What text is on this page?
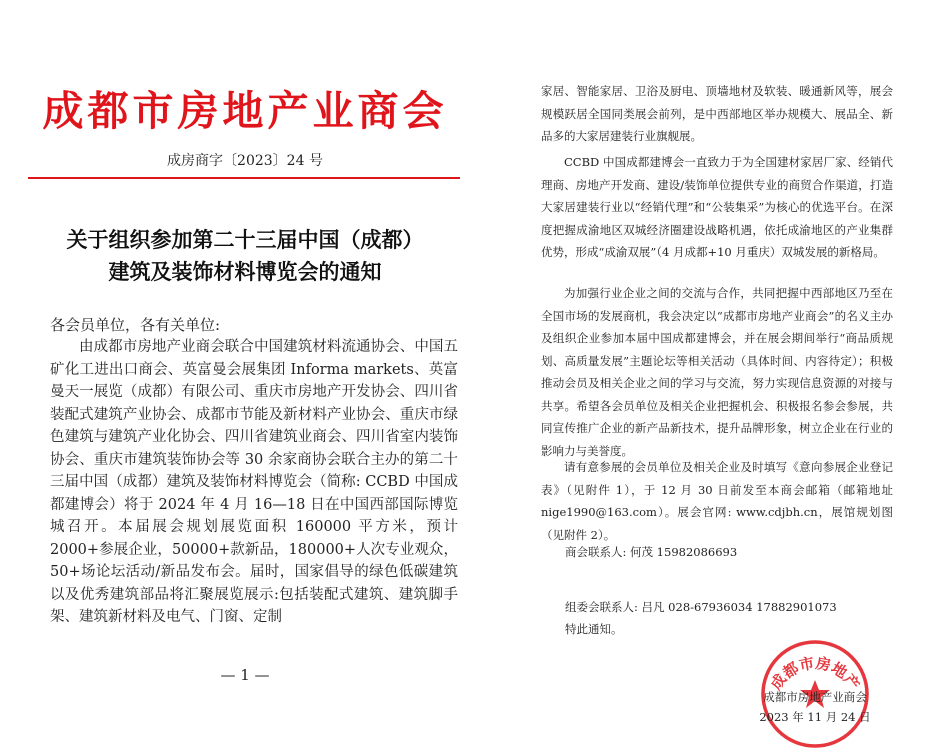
成都市房地产业商会
成房商字〔2023〕24 号
关于组织参加第二十三届中国（成都）
建筑及装饰材料博览会的通知
各会员单位，各有关单位:

由成都市房地产业商会联合中国建筑材料流通协会、中国五矿化工进出口商会、英富曼会展集团 Informa markets、英富曼天一展览（成都）有限公司、重庆市房地产开发协会、四川省装配式建筑产业协会、成都市节能及新材料产业协会、重庆市绿色建筑与建筑产业化协会、四川省建筑业商会、四川省室内装饰协会、重庆市建筑装饰协会等 30 余家商协会联合主办的第二十三届中国（成都）建筑及装饰材料博览会（简称: CCBD 中国成都建博会）将于 2024 年 4 月 16—18 日在中国西部国际博览城召开。本届展会规划展览面积 160000 平方米，预计 2000+参展企业，50000+款新品，180000+人次专业观众，50+场论坛活动/新品发布会。届时，国家倡导的绿色低碳建筑以及优秀建筑部品将汇聚展览展示:包括装配式建筑、建筑脚手架、建筑新材料及电气、门窗、定制

— 1 —

家居、智能家居、卫浴及厨电、顶墙地材及软装、暖通新风等，展会规模跃居全国同类展会前列，是中西部地区举办规模大、展品全、新品多的大家居建装行业旗舰展。

CCBD 中国成都建博会一直致力于为全国建材家居厂家、经销代理商、房地产开发商、建设/装饰单位提供专业的商贸合作渠道，打造大家居建装行业以“经销代理”和“公装集采”为核心的优选平台。在深度把握成渝地区双城经济圈建设战略机遇，依托成渝地区的产业集群优势，形成“成渝双展”（4 月成都+10 月重庆）双城发展的新格局。

为加强行业企业之间的交流与合作，共同把握中西部地区乃至在全国市场的发展商机，我会决定以“成都市房地产业商会”的名义主办及组织企业参加本届中国成都建博会，并在展会期间举行“商品质规划、高质量发展”主题论坛等相关活动（具体时间、内容待定）；积极推动会员及相关企业之间的学习与交流，努力实现信息资源的对接与共享。希望各会员单位及相关企业把握机会、积极报名参会参展，共同宣传推广企业的新产品新技术，提升品牌形象，树立企业在行业的影响力与美誉度。

请有意参展的会员单位及相关企业及时填写《意向参展企业登记表》（见附件 1），于 12 月 30 日前发至本商会邮箱（邮箱地址 nige1990@163.com）。展会官网: www.cdjbh.cn，展馆规划图（见附件 2）。

商会联系人: 何茂 15982086693

组委会联系人: 吕凡 028-67936034 17882901073

特此通知。

成都市房地产
成都市房地产业商会
2023 年 11 月 24 日
